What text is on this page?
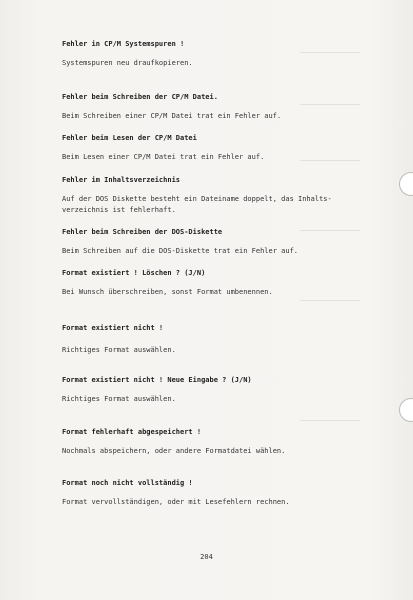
Fehler in CP/M Systemspuren !
Systemspuren neu draufkopieren.
Fehler beim Schreiben der CP/M Datei.
Beim Schreiben einer CP/M Datei trat ein Fehler auf.
Fehler beim Lesen der CP/M Datei
Beim Lesen einer CP/M Datei trat ein Fehler auf.
Fehler im Inhaltsverzeichnis
Auf der DOS Diskette besteht ein Dateiname doppelt, das Inhalts-
verzeichnis ist fehlerhaft.
Fehler beim Schreiben der DOS-Diskette
Beim Schreiben auf die DOS-Diskette trat ein Fehler auf.
Format existiert ! Löschen ? (J/N)
Bei Wunsch überschreiben, sonst Format umbenennen.
Format existiert nicht !
Richtiges Format auswählen.
Format existiert nicht ! Neue Eingabe ? (J/N)
Richtiges Format auswählen.
Format fehlerhaft abgespeichert !
Nochmals abspeichern, oder andere Formatdatei wählen.
Format noch nicht vollständig !
Format vervollständigen, oder mit Lesefehlern rechnen.
204
